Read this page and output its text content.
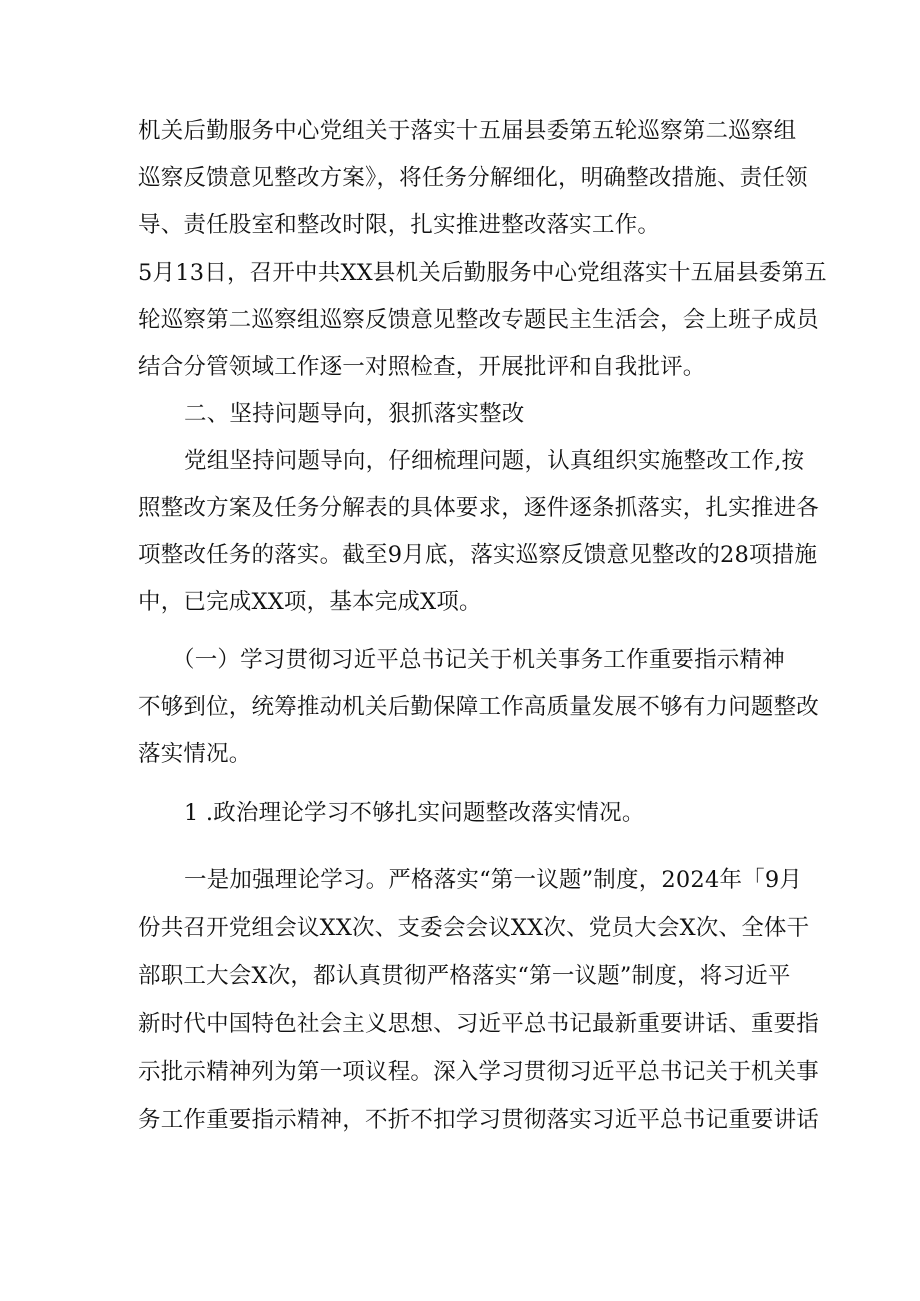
机关后勤服务中心党组关于落实十五届县委第五轮巡察第二巡察组
巡察反馈意见整改方案》，将任务分解细化，明确整改措施、责任领
导、责任股室和整改时限，扎实推进整改落实工作。
5月13日，召开中共XX县机关后勤服务中心党组落实十五届县委第五
轮巡察第二巡察组巡察反馈意见整改专题民主生活会，会上班子成员
结合分管领域工作逐一对照检查，开展批评和自我批评。
二、坚持问题导向，狠抓落实整改
党组坚持问题导向，仔细梳理问题，认真组织实施整改工作,按
照整改方案及任务分解表的具体要求，逐件逐条抓落实，扎实推进各
项整改任务的落实。截至9月底，落实巡察反馈意见整改的28项措施
中，已完成XX项，基本完成X项。
（一）学习贯彻习近平总书记关于机关事务工作重要指示精神
不够到位，统筹推动机关后勤保障工作高质量发展不够有力问题整改
落实情况。
1 .政治理论学习不够扎实问题整改落实情况。
一是加强理论学习。严格落实“第一议题”制度，2024年「9月
份共召开党组会议XX次、支委会会议XX次、党员大会X次、全体干
部职工大会X次，都认真贯彻严格落实“第一议题”制度，将习近平
新时代中国特色社会主义思想、习近平总书记最新重要讲话、重要指
示批示精神列为第一项议程。深入学习贯彻习近平总书记关于机关事
务工作重要指示精神，不折不扣学习贯彻落实习近平总书记重要讲话
